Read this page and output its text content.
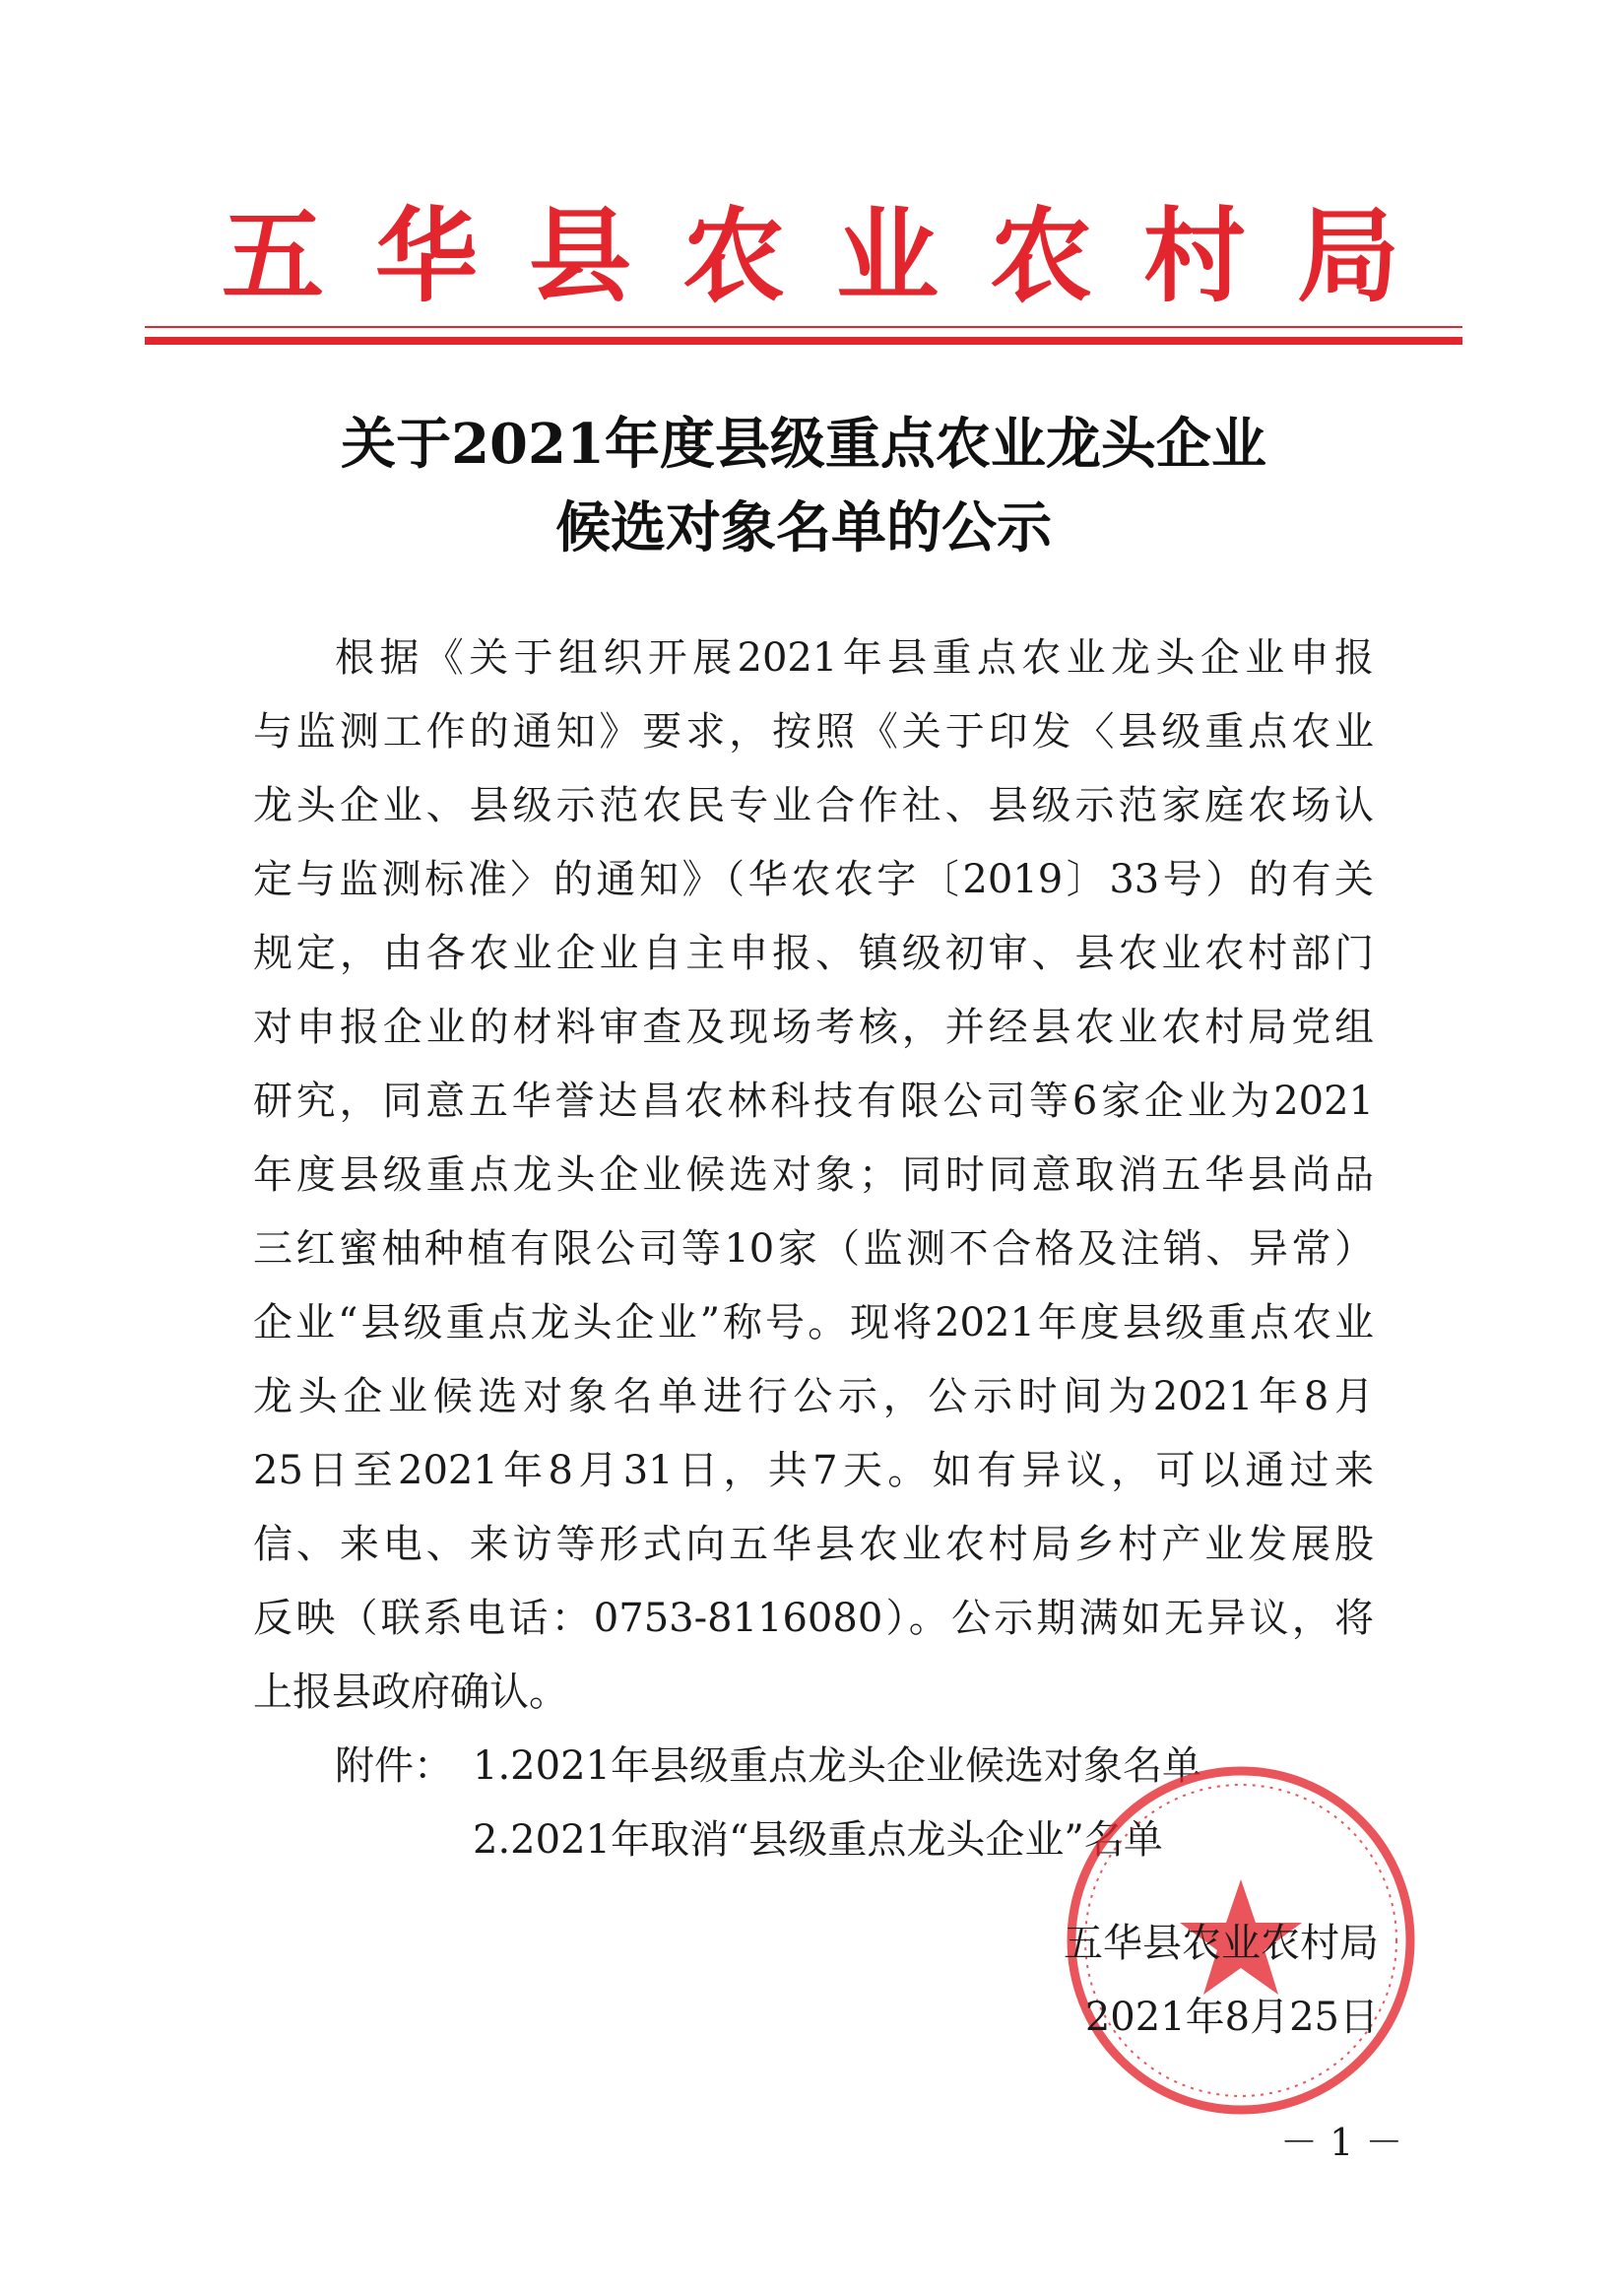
五华县农业农村局
关于2021年度县级重点农业龙头企业
候选对象名单的公示
根据《关于组织开展2021年县重点农业龙头企业申报
与监测工作的通知》要求，按照《关于印发〈县级重点农业
龙头企业、县级示范农民专业合作社、县级示范家庭农场认
定与监测标准〉的通知》（华农农字〔2019〕33号）的有关
规定，由各农业企业自主申报、镇级初审、县农业农村部门
对申报企业的材料审查及现场考核，并经县农业农村局党组
研究，同意五华誉达昌农林科技有限公司等6家企业为2021
年度县级重点龙头企业候选对象；同时同意取消五华县尚品
三红蜜柚种植有限公司等10家（监测不合格及注销、异常）
企业“县级重点龙头企业”称号。现将2021年度县级重点农业
龙头企业候选对象名单进行公示，公示时间为2021年8月
25日至2021年8月31日，共7天。如有异议，可以通过来
信、来电、来访等形式向五华县农业农村局乡村产业发展股
反映（联系电话：0753-8116080）。公示期满如无异议，将
上报县政府确认。
附件： 1.2021年县级重点龙头企业候选对象名单
2.2021年取消“县级重点龙头企业”名单
五华县农业农村局
2021年8月25日
－ 1 －
